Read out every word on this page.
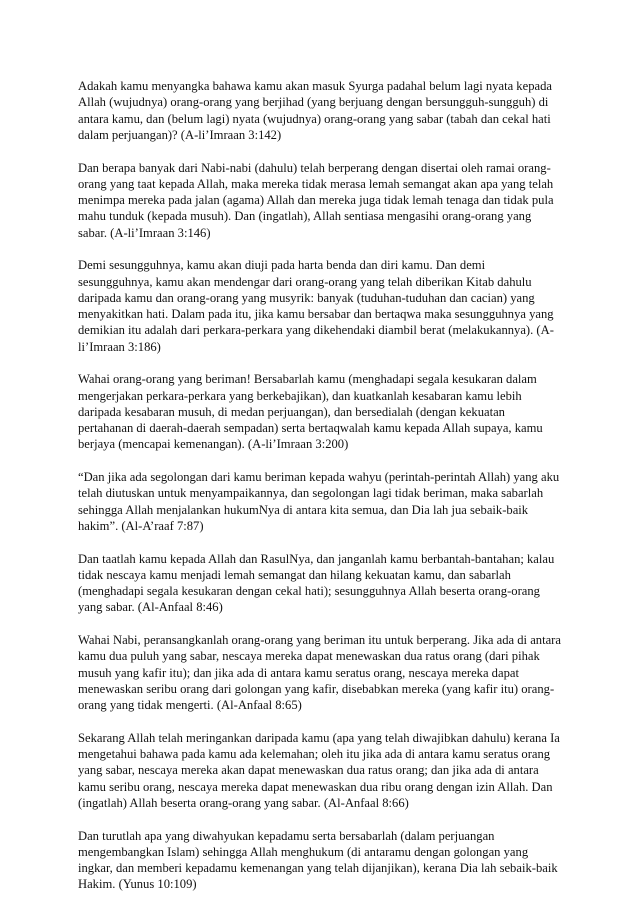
Adakah kamu menyangka bahawa kamu akan masuk Syurga padahal belum lagi nyata kepada Allah (wujudnya) orang-orang yang berjihad (yang berjuang dengan bersungguh-sungguh) di antara kamu, dan (belum lagi) nyata (wujudnya) orang-orang yang sabar (tabah dan cekal hati dalam perjuangan)? (A-li’Imraan 3:142)

Dan berapa banyak dari Nabi-nabi (dahulu) telah berperang dengan disertai oleh ramai orang-orang yang taat kepada Allah, maka mereka tidak merasa lemah semangat akan apa yang telah menimpa mereka pada jalan (agama) Allah dan mereka juga tidak lemah tenaga dan tidak pula mahu tunduk (kepada musuh). Dan (ingatlah), Allah sentiasa mengasihi orang-orang yang sabar. (A-li’Imraan 3:146)

Demi sesungguhnya, kamu akan diuji pada harta benda dan diri kamu. Dan demi sesungguhnya, kamu akan mendengar dari orang-orang yang telah diberikan Kitab dahulu daripada kamu dan orang-orang yang musyrik: banyak (tuduhan-tuduhan dan cacian) yang menyakitkan hati. Dalam pada itu, jika kamu bersabar dan bertaqwa maka sesungguhnya yang demikian itu adalah dari perkara-perkara yang dikehendaki diambil berat (melakukannya). (A-li’Imraan 3:186)

Wahai orang-orang yang beriman! Bersabarlah kamu (menghadapi segala kesukaran dalam mengerjakan perkara-perkara yang berkebajikan), dan kuatkanlah kesabaran kamu lebih daripada kesabaran musuh, di medan perjuangan), dan bersedialah (dengan kekuatan pertahanan di daerah-daerah sempadan) serta bertaqwalah kamu kepada Allah supaya, kamu berjaya (mencapai kemenangan). (A-li’Imraan 3:200)

“Dan jika ada segolongan dari kamu beriman kepada wahyu (perintah-perintah Allah) yang aku telah diutuskan untuk menyampaikannya, dan segolongan lagi tidak beriman, maka sabarlah sehingga Allah menjalankan hukumNya di antara kita semua, dan Dia lah jua sebaik-baik hakim”. (Al-A’raaf 7:87)

Dan taatlah kamu kepada Allah dan RasulNya, dan janganlah kamu berbantah-bantahan; kalau tidak nescaya kamu menjadi lemah semangat dan hilang kekuatan kamu, dan sabarlah (menghadapi segala kesukaran dengan cekal hati); sesungguhnya Allah beserta orang-orang yang sabar. (Al-Anfaal 8:46)

Wahai Nabi, peransangkanlah orang-orang yang beriman itu untuk berperang. Jika ada di antara kamu dua puluh yang sabar, nescaya mereka dapat menewaskan dua ratus orang (dari pihak musuh yang kafir itu); dan jika ada di antara kamu seratus orang, nescaya mereka dapat menewaskan seribu orang dari golongan yang kafir, disebabkan mereka (yang kafir itu) orang-orang yang tidak mengerti. (Al-Anfaal 8:65)

Sekarang Allah telah meringankan daripada kamu (apa yang telah diwajibkan dahulu) kerana Ia mengetahui bahawa pada kamu ada kelemahan; oleh itu jika ada di antara kamu seratus orang yang sabar, nescaya mereka akan dapat menewaskan dua ratus orang; dan jika ada di antara kamu seribu orang, nescaya mereka dapat menewaskan dua ribu orang dengan izin Allah. Dan (ingatlah) Allah beserta orang-orang yang sabar. (Al-Anfaal 8:66)

Dan turutlah apa yang diwahyukan kepadamu serta bersabarlah (dalam perjuangan mengembangkan Islam) sehingga Allah menghukum (di antaramu dengan golongan yang ingkar, dan memberi kepadamu kemenangan yang telah dijanjikan), kerana Dia lah sebaik-baik Hakim. (Yunus 10:109)
